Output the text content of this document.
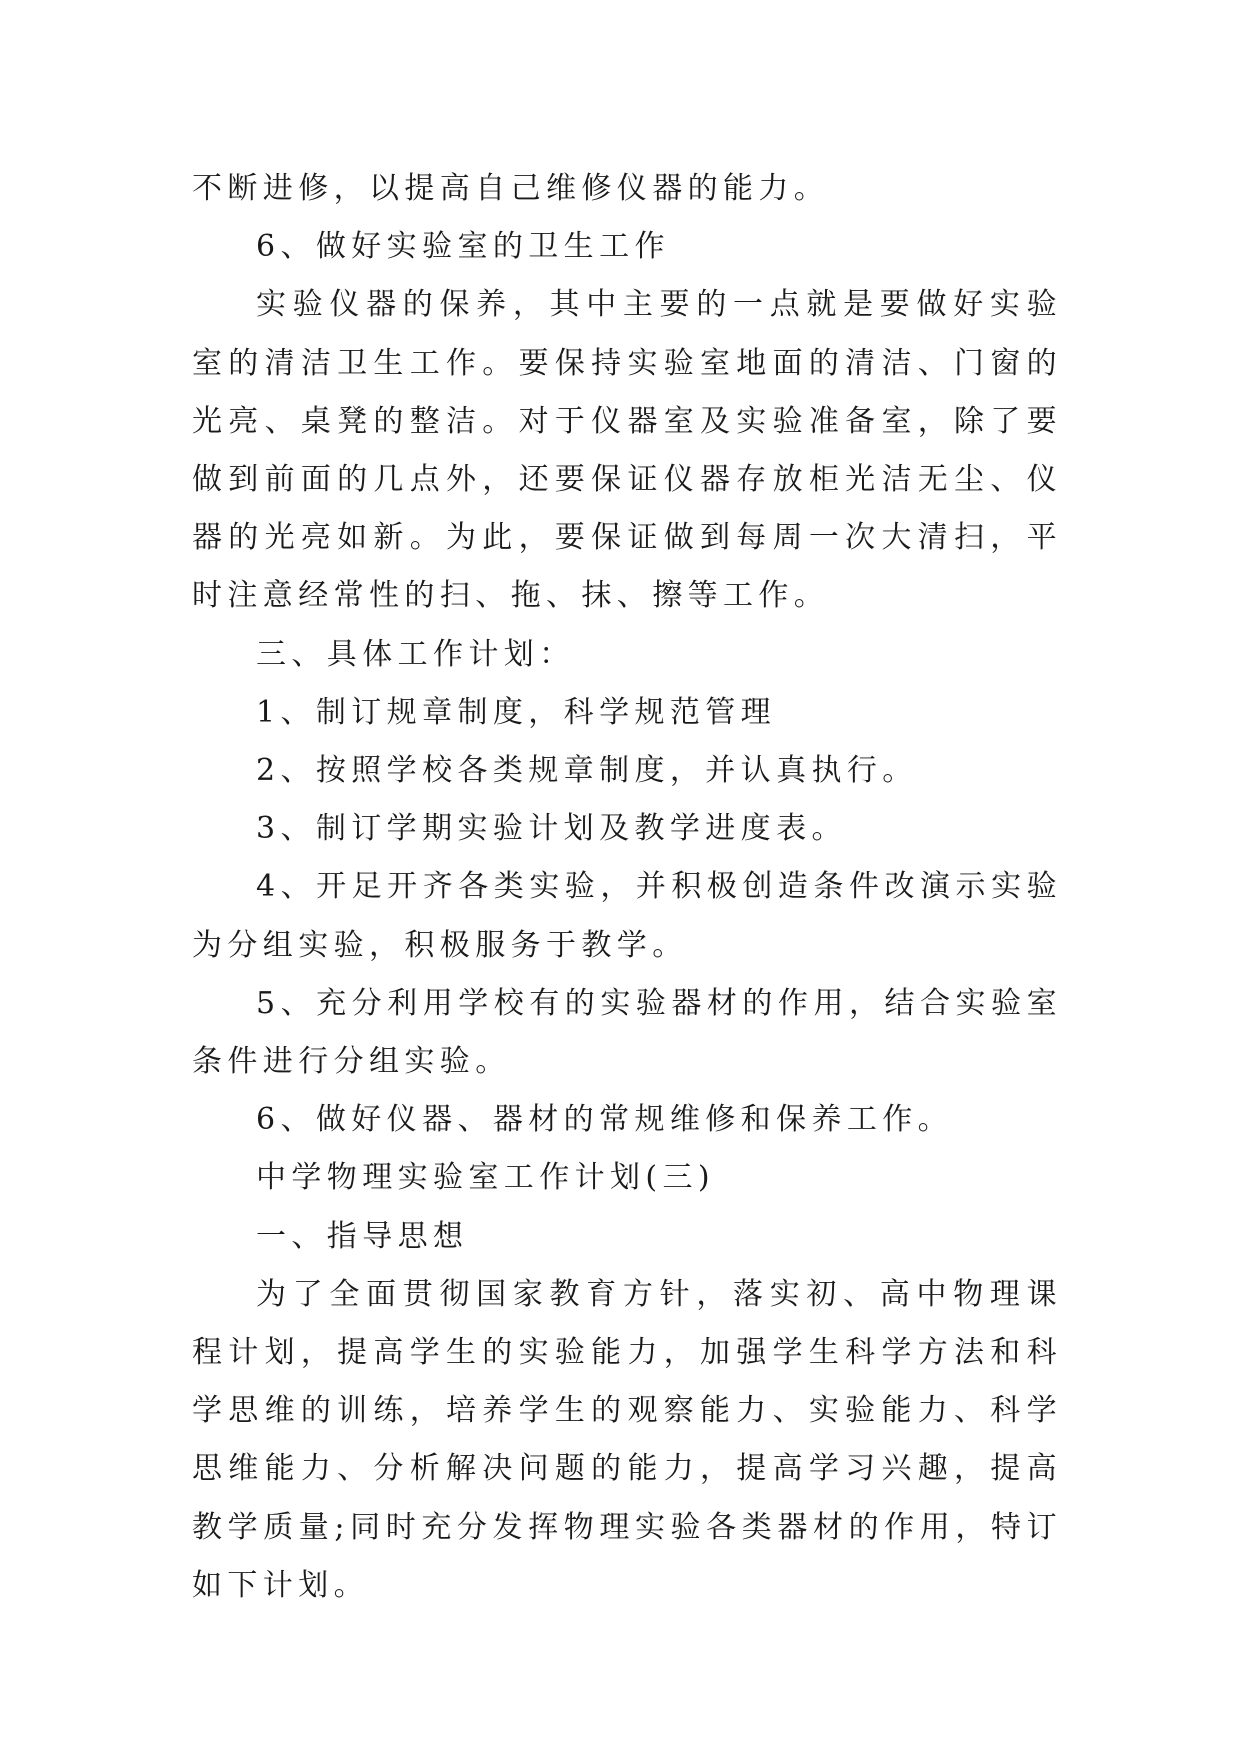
不断进修，以提高自己维修仪器的能力。

6、做好实验室的卫生工作

实验仪器的保养，其中主要的一点就是要做好实验室的清洁卫生工作。要保持实验室地面的清洁、门窗的光亮、桌凳的整洁。对于仪器室及实验准备室，除了要做到前面的几点外，还要保证仪器存放柜光洁无尘、仪器的光亮如新。为此，要保证做到每周一次大清扫，平时注意经常性的扫、拖、抹、擦等工作。

三、具体工作计划：

1、制订规章制度，科学规范管理

2、按照学校各类规章制度，并认真执行。

3、制订学期实验计划及教学进度表。

4、开足开齐各类实验，并积极创造条件改演示实验为分组实验，积极服务于教学。

5、充分利用学校有的实验器材的作用，结合实验室条件进行分组实验。

6、做好仪器、器材的常规维修和保养工作。

中学物理实验室工作计划(三)

一、指导思想

为了全面贯彻国家教育方针，落实初、高中物理课程计划，提高学生的实验能力，加强学生科学方法和科学思维的训练，培养学生的观察能力、实验能力、科学思维能力、分析解决问题的能力，提高学习兴趣，提高教学质量;同时充分发挥物理实验各类器材的作用，特订如下计划。
